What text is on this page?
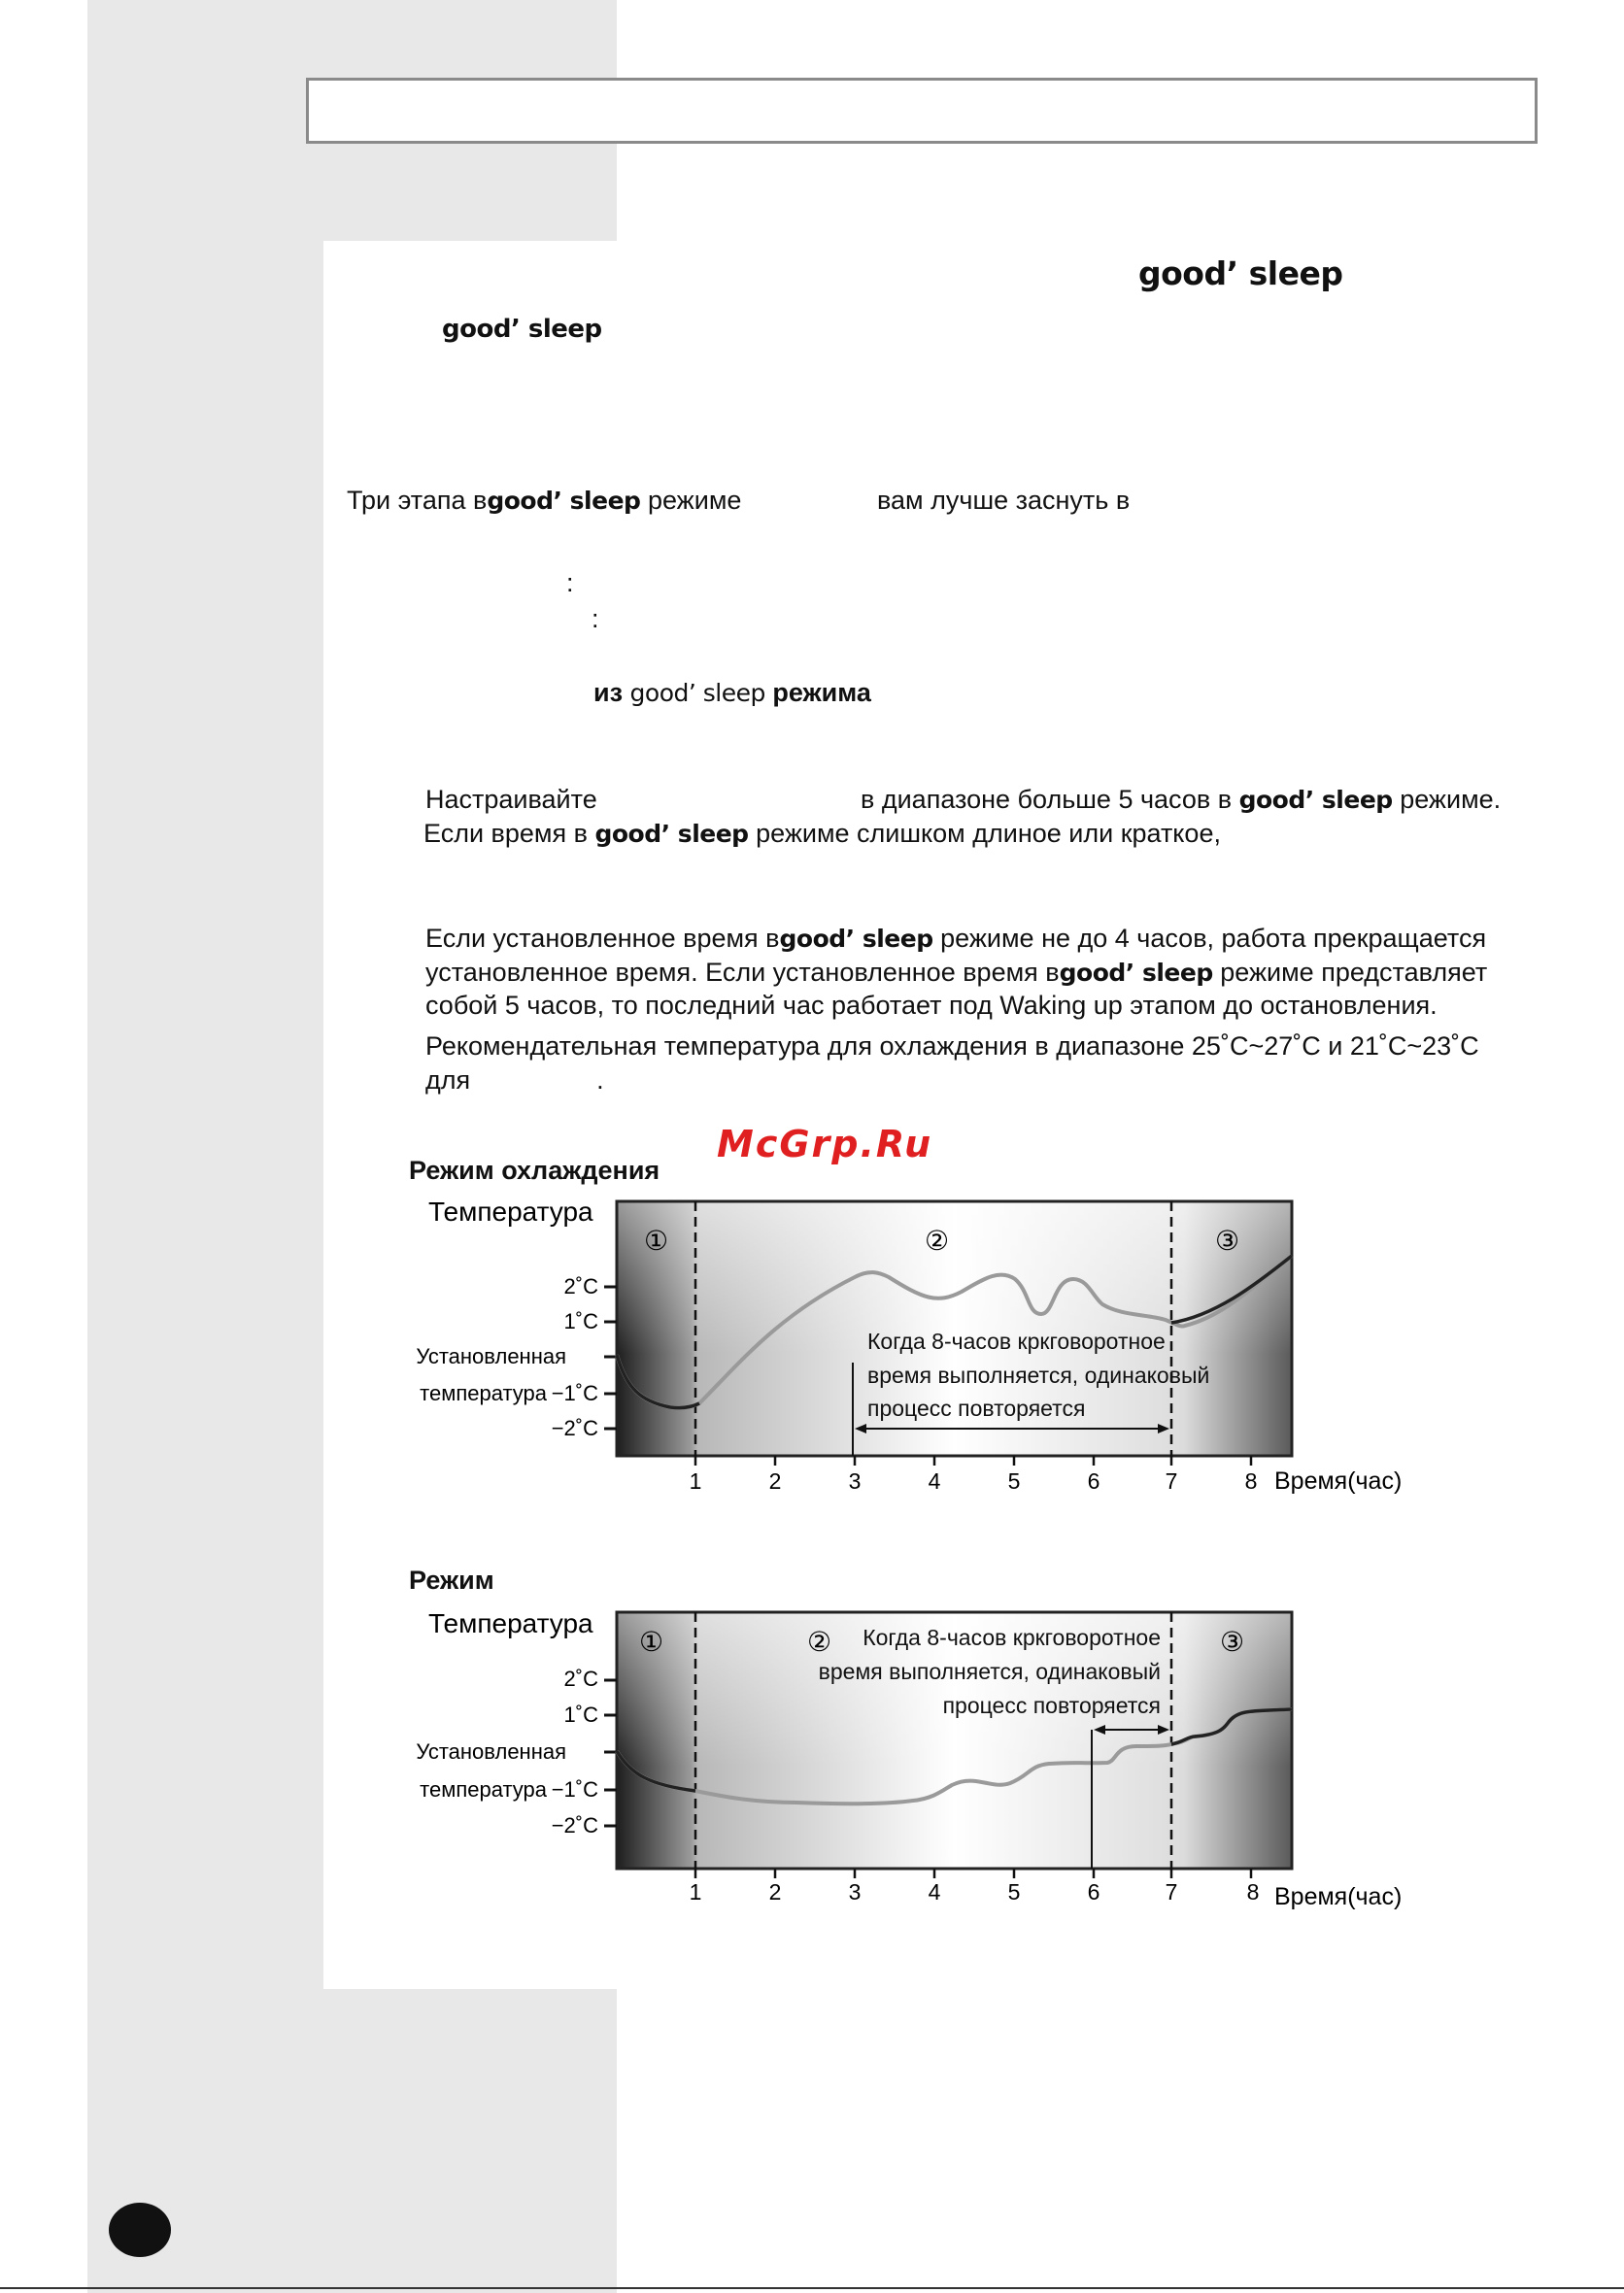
good’ sleep
good’ sleep
Три этапа вgood’ sleep режиме	вам лучше заснуть в
:
:
из good’ sleep режима
Настраивайте	в диапазоне больше 5 часов в good’ sleep режиме.
Если время в good’ sleep режиме слишком длиное или краткое,
Если установленное время вgood’ sleep режиме не до 4 часов, работа прекращается
установленное время. Если установленное время вgood’ sleep режиме представляет
собой 5 часов, то последний час работает под Waking up этапом до остановления.
Рекомендательная температура для охлаждения в диапазоне 25˚C~27˚C и 21˚C~23˚C
для	.
McGrp.Ru
Режим охлаждения
Режим
Температура
①	②	③
2˚C
1˚C
Установленная
температура −1˚C
−2˚C
Когда 8-часов кркговоротное
время выполняется, одинаковый
процесс повторяется
1	2	3	4	5	6	7	8 Время(час)
Температура
①	②	③
2˚C
1˚C
Установленная
температура −1˚C
−2˚C
Когда 8-часов кркговоротное
время выполняется, одинаковый
процесс повторяется
1	2	3	4	5	6	7	8 Время(час)
